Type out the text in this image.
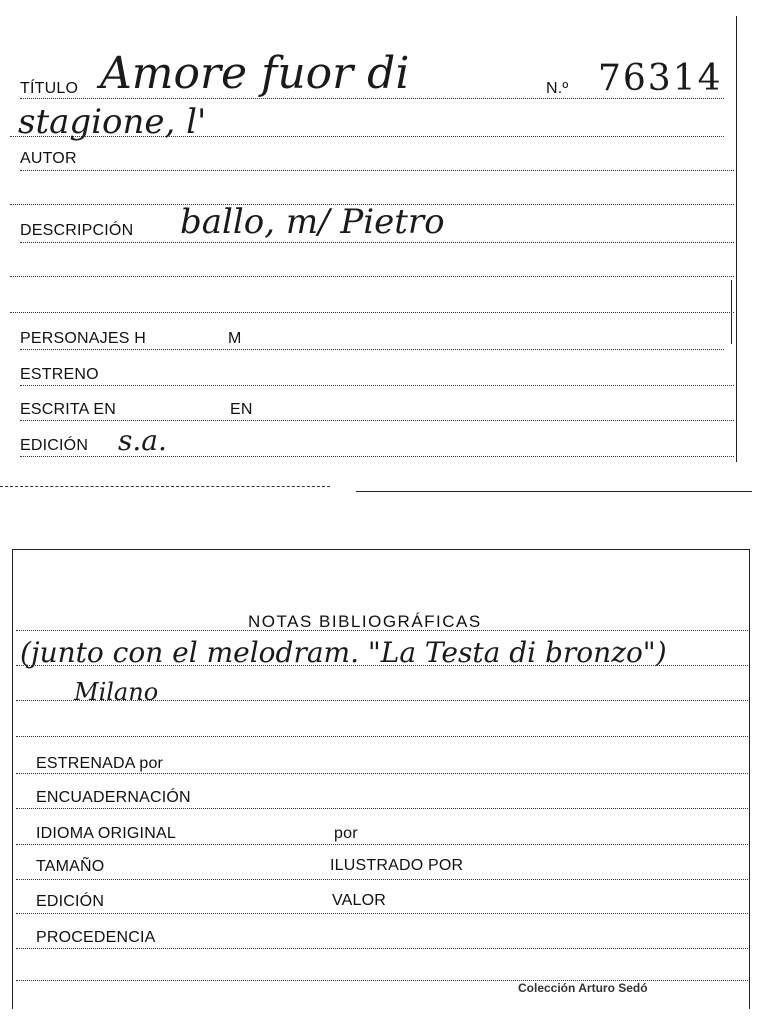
TÍTULO Amore fuor di	N.º 76314
stagione, l'
AUTOR
DESCRIPCIÓN ballo, m/ Pietro
PERSONAJES H	M
ESTRENO
ESCRITA EN	EN
EDICIÓN s.a.
NOTAS BIBLIOGRÁFICAS
(junto con el melodram. "La Testa di bronzo")
Milano
ESTRENADA por
ENCUADERNACIÓN
IDIOMA ORIGINAL	por
TAMAÑO	ILUSTRADO POR
EDICIÓN	VALOR
PROCEDENCIA
Colección Arturo Sedó
